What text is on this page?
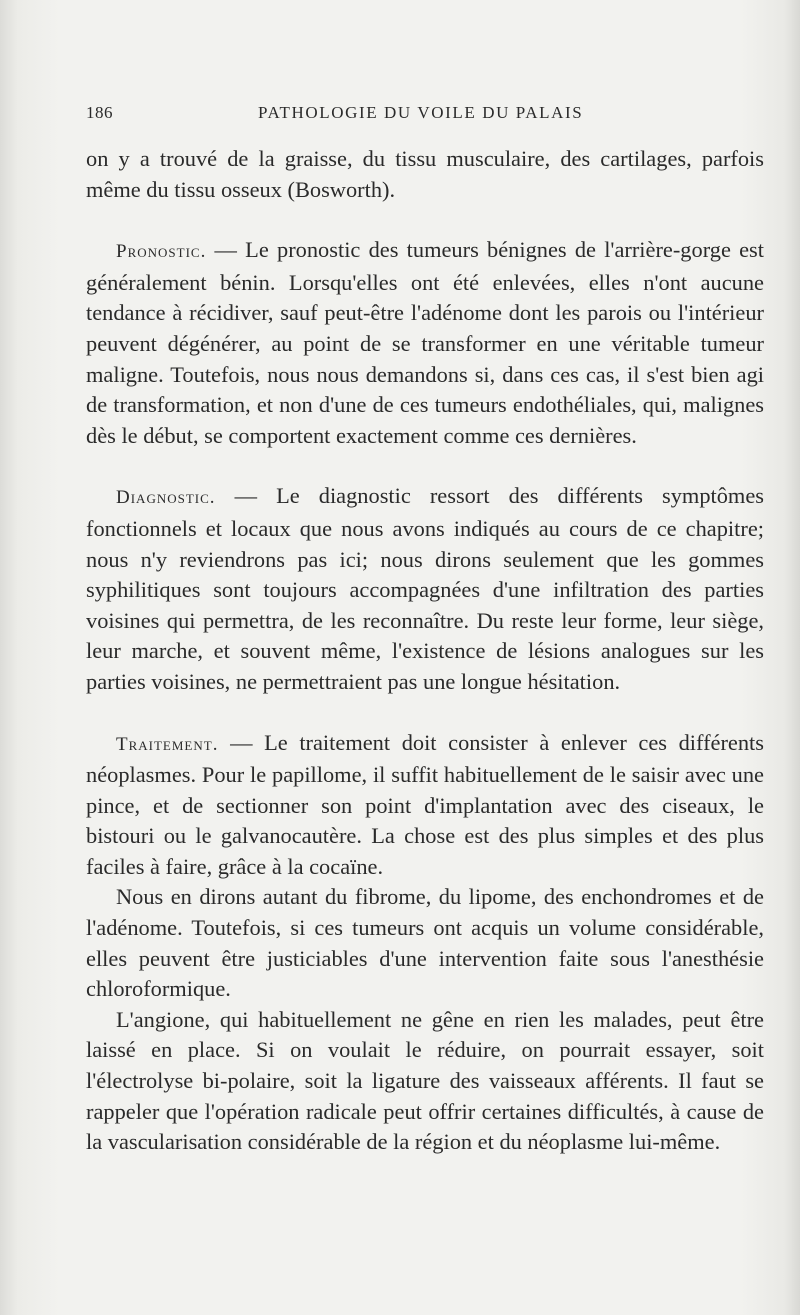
186	PATHOLOGIE DU VOILE DU PALAIS

on y a trouvé de la graisse, du tissu musculaire, des cartilages, parfois même du tissu osseux (Bosworth).

Pronostic. — Le pronostic des tumeurs bénignes de l'arrière-gorge est généralement bénin. Lorsqu'elles ont été enlevées, elles n'ont aucune tendance à récidiver, sauf peut-être l'adénome dont les parois ou l'intérieur peuvent dégénérer, au point de se transformer en une véritable tumeur maligne. Toutefois, nous nous demandons si, dans ces cas, il s'est bien agi de transformation, et non d'une de ces tumeurs endothéliales, qui, malignes dès le début, se comportent exactement comme ces dernières.

Diagnostic. — Le diagnostic ressort des différents symptômes fonctionnels et locaux que nous avons indiqués au cours de ce chapitre; nous n'y reviendrons pas ici; nous dirons seulement que les gommes syphilitiques sont toujours accompagnées d'une infiltration des parties voisines qui permettra, de les reconnaître. Du reste leur forme, leur siège, leur marche, et souvent même, l'existence de lésions analogues sur les parties voisines, ne permettraient pas une longue hésitation.

Traitement. — Le traitement doit consister à enlever ces différents néoplasmes. Pour le papillome, il suffit habituellement de le saisir avec une pince, et de sectionner son point d'implantation avec des ciseaux, le bistouri ou le galvanocautère. La chose est des plus simples et des plus faciles à faire, grâce à la cocaïne.

Nous en dirons autant du fibrome, du lipome, des enchondromes et de l'adénome. Toutefois, si ces tumeurs ont acquis un volume considérable, elles peuvent être justiciables d'une intervention faite sous l'anesthésie chloroformique.

L'angione, qui habituellement ne gêne en rien les malades, peut être laissé en place. Si on voulait le réduire, on pourrait essayer, soit l'électrolyse bi-polaire, soit la ligature des vaisseaux afférents. Il faut se rappeler que l'opération radicale peut offrir certaines difficultés, à cause de la vascularisation considérable de la région et du néoplasme lui-même.
